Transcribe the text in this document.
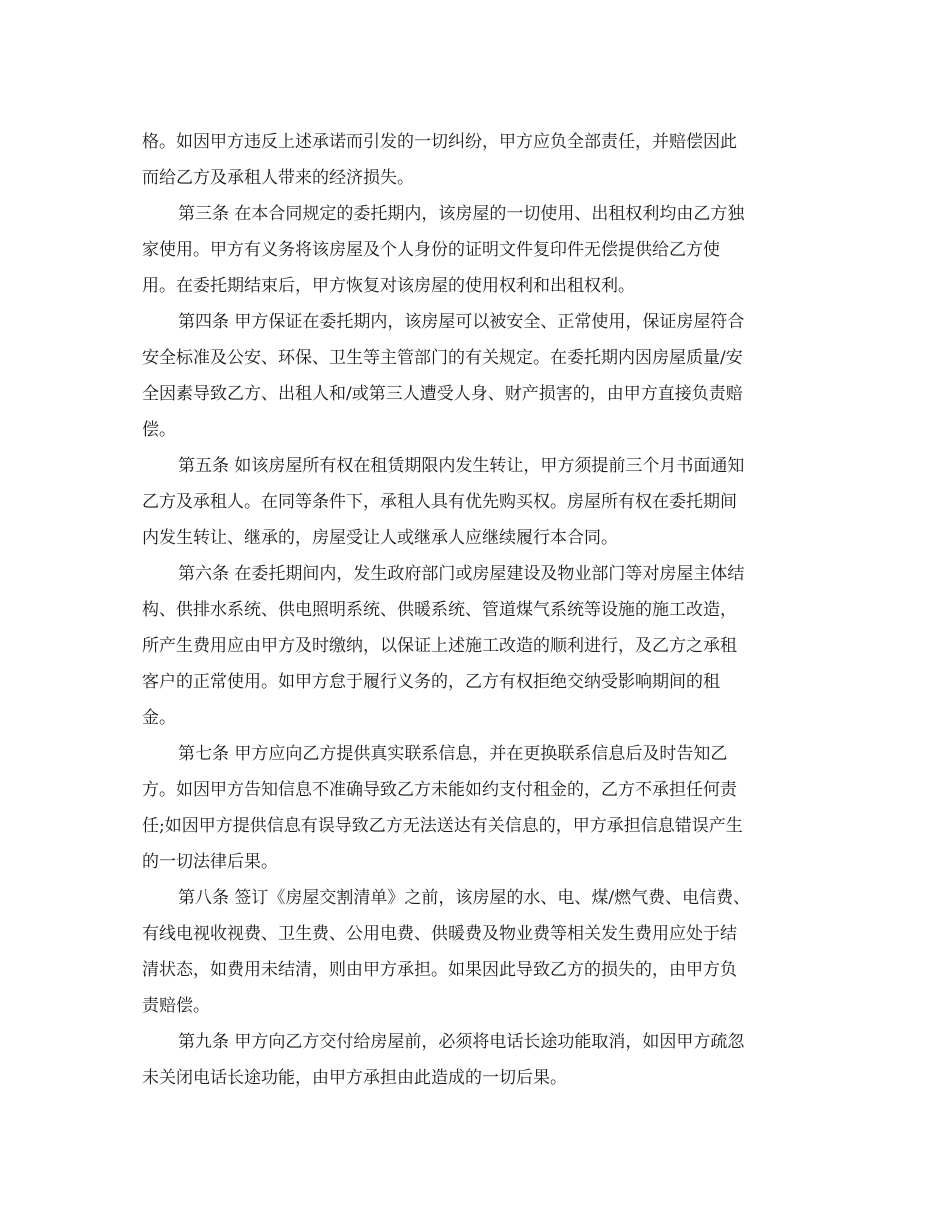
格。如因甲方违反上述承诺而引发的一切纠纷，甲方应负全部责任，并赔偿因此
而给乙方及承租人带来的经济损失。
第三条 在本合同规定的委托期内，该房屋的一切使用、出租权利均由乙方独
家使用。甲方有义务将该房屋及个人身份的证明文件复印件无偿提供给乙方使
用。在委托期结束后，甲方恢复对该房屋的使用权利和出租权利。
第四条 甲方保证在委托期内，该房屋可以被安全、正常使用，保证房屋符合
安全标准及公安、环保、卫生等主管部门的有关规定。在委托期内因房屋质量/安
全因素导致乙方、出租人和/或第三人遭受人身、财产损害的，由甲方直接负责赔
偿。
第五条 如该房屋所有权在租赁期限内发生转让，甲方须提前三个月书面通知
乙方及承租人。在同等条件下，承租人具有优先购买权。房屋所有权在委托期间
内发生转让、继承的，房屋受让人或继承人应继续履行本合同。
第六条 在委托期间内，发生政府部门或房屋建设及物业部门等对房屋主体结
构、供排水系统、供电照明系统、供暖系统、管道煤气系统等设施的施工改造，
所产生费用应由甲方及时缴纳，以保证上述施工改造的顺利进行，及乙方之承租
客户的正常使用。如甲方怠于履行义务的，乙方有权拒绝交纳受影响期间的租
金。
第七条 甲方应向乙方提供真实联系信息，并在更换联系信息后及时告知乙
方。如因甲方告知信息不准确导致乙方未能如约支付租金的，乙方不承担任何责
任;如因甲方提供信息有误导致乙方无法送达有关信息的，甲方承担信息错误产生
的一切法律后果。
第八条 签订《房屋交割清单》之前，该房屋的水、电、煤/燃气费、电信费、
有线电视收视费、卫生费、公用电费、供暖费及物业费等相关发生费用应处于结
清状态，如费用未结清，则由甲方承担。如果因此导致乙方的损失的，由甲方负
责赔偿。
第九条 甲方向乙方交付给房屋前，必须将电话长途功能取消，如因甲方疏忽
未关闭电话长途功能，由甲方承担由此造成的一切后果。
